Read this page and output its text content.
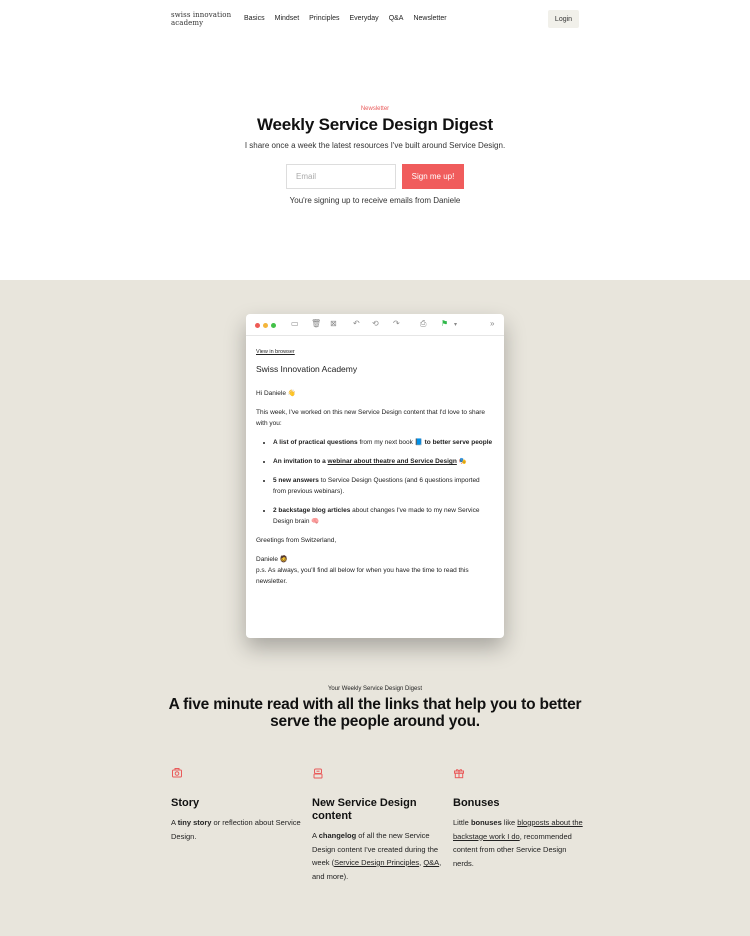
swiss innovation
academy
Basics Mindset Principles Everyday Q&A Newsletter	Login
Newsletter
Weekly Service Design Digest
I share once a week the latest resources I've built around Service Design.
Email
Sign me up!
You're signing up to receive emails from Daniele
▭ 🗑 ⊠ ↶ ⟲ ↷	⎙ ⚑ ▾	»
View in browser
Swiss Innovation Academy

Hi Daniele 👋

This week, I've worked on this new Service Design content that I'd love to share with you:

• A list of practical questions from my next book 📘 to better serve people
• An invitation to a webinar about theatre and Service Design 🎭
• 5 new answers to Service Design Questions (and 6 questions imported from previous webinars).
• 2 backstage blog articles about changes I've made to my new Service Design brain 🧠

Greetings from Switzerland,

Daniele 🧔
p.s. As always, you'll find all below for when you have the time to read this newsletter.
Your Weekly Service Design Digest
A five minute read with all the links that help you to better serve the people around you.
Story
A tiny story or reflection about Service Design.
New Service Design content
A changelog of all the new Service Design content I've created during the week (Service Design Principles, Q&A, and more).
Bonuses
Little bonuses like blogposts about the backstage work I do, recommended content from other Service Design nerds.
